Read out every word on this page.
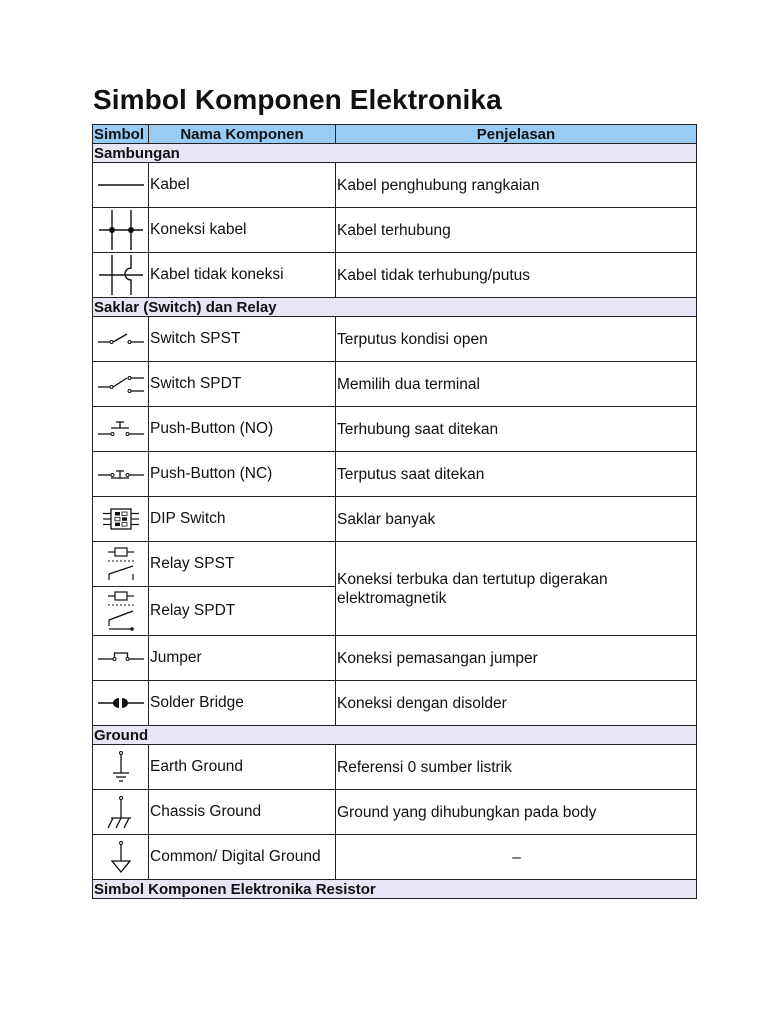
Simbol Komponen Elektronika
Simbol	Nama Komponen	Penjelasan
Sambungan		

	Kabel	Kabel penghubung rangkaian

	Koneksi kabel	Kabel terhubung

	Kabel tidak koneksi	Kabel tidak terhubung/putus
Saklar (Switch) dan Relay		

	Switch SPST	Terputus kondisi open

	Switch SPDT	Memilih dua terminal

	Push-Button (NO)	Terhubung saat ditekan

	Push-Button (NC)	Terputus saat ditekan

	DIP Switch	Saklar banyak

	Relay SPST	Koneksi terbuka dan tertutup digerakan elektromagnetik

	Relay SPDT	

	Jumper	Koneksi pemasangan jumper

	Solder Bridge	Koneksi dengan disolder
Ground		

	Earth Ground	Referensi 0 sumber listrik

	Chassis Ground	Ground yang dihubungkan pada body

	Common/ Digital Ground	–
Simbol Komponen Elektronika Resistor		
